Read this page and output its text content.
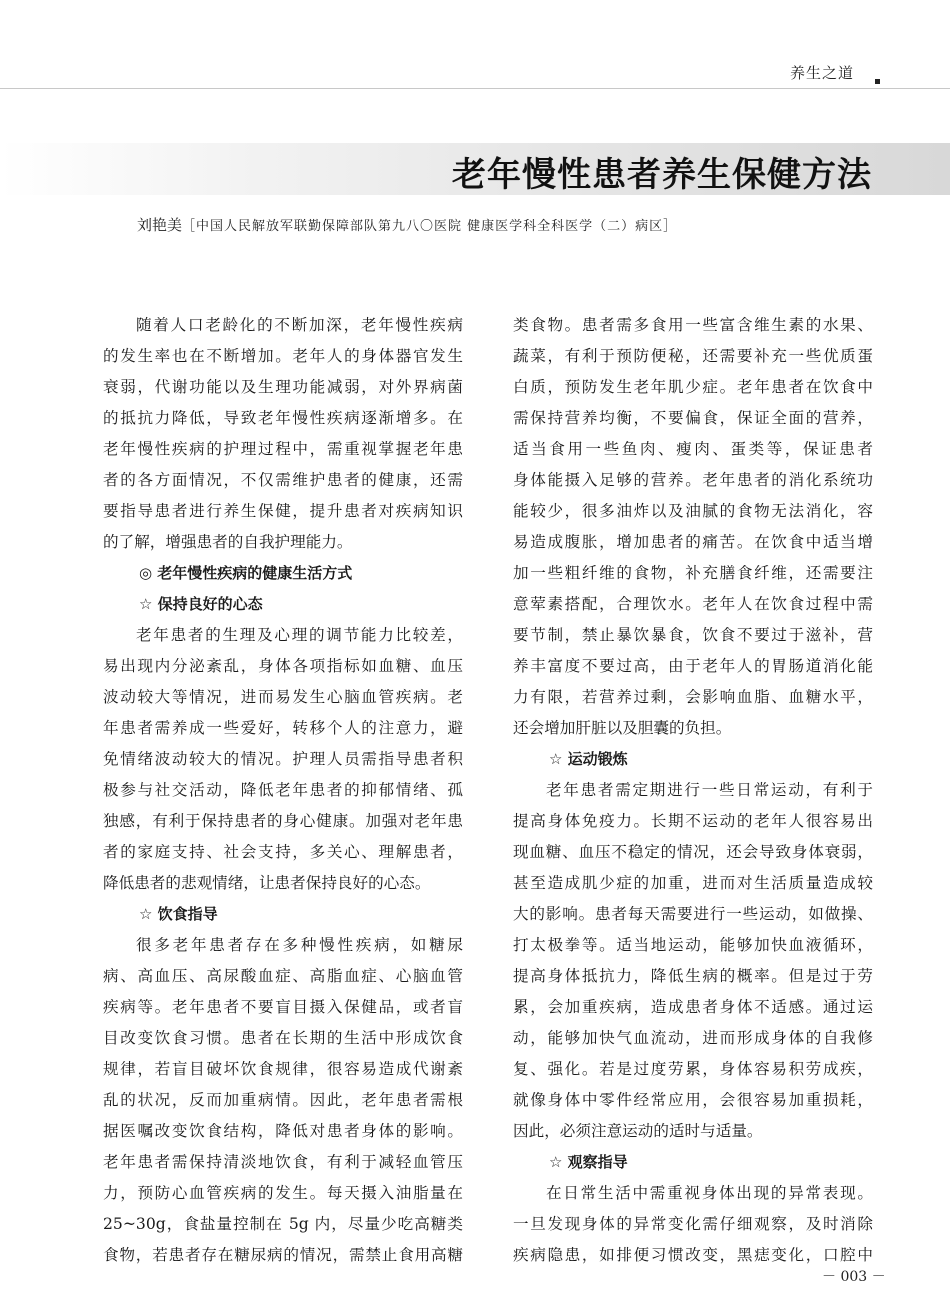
养生之道
老年慢性患者养生保健方法
刘艳美［中国人民解放军联勤保障部队第九八〇医院 健康医学科全科医学（二）病区］
随着人口老龄化的不断加深，老年慢性疾病
的发生率也在不断增加。老年人的身体器官发生
衰弱，代谢功能以及生理功能减弱，对外界病菌
的抵抗力降低，导致老年慢性疾病逐渐增多。在
老年慢性疾病的护理过程中，需重视掌握老年患
者的各方面情况，不仅需维护患者的健康，还需
要指导患者进行养生保健，提升患者对疾病知识
的了解，增强患者的自我护理能力。
◎ 老年慢性疾病的健康生活方式
☆ 保持良好的心态
老年患者的生理及心理的调节能力比较差，
易出现内分泌紊乱，身体各项指标如血糖、血压
波动较大等情况，进而易发生心脑血管疾病。老
年患者需养成一些爱好，转移个人的注意力，避
免情绪波动较大的情况。护理人员需指导患者积
极参与社交活动，降低老年患者的抑郁情绪、孤
独感，有利于保持患者的身心健康。加强对老年患
者的家庭支持、社会支持，多关心、理解患者，
降低患者的悲观情绪，让患者保持良好的心态。
☆ 饮食指导
很多老年患者存在多种慢性疾病，如糖尿
病、高血压、高尿酸血症、高脂血症、心脑血管
疾病等。老年患者不要盲目摄入保健品，或者盲
目改变饮食习惯。患者在长期的生活中形成饮食
规律，若盲目破坏饮食规律，很容易造成代谢紊
乱的状况，反而加重病情。因此，老年患者需根
据医嘱改变饮食结构，降低对患者身体的影响。
老年患者需保持清淡地饮食，有利于减轻血管压
力，预防心血管疾病的发生。每天摄入油脂量在
25~30g，食盐量控制在 5g 内，尽量少吃高糖类
食物，若患者存在糖尿病的情况，需禁止食用高糖
类食物。患者需多食用一些富含维生素的水果、
蔬菜，有利于预防便秘，还需要补充一些优质蛋
白质，预防发生老年肌少症。老年患者在饮食中
需保持营养均衡，不要偏食，保证全面的营养，
适当食用一些鱼肉、瘦肉、蛋类等，保证患者
身体能摄入足够的营养。老年患者的消化系统功
能较少，很多油炸以及油腻的食物无法消化，容
易造成腹胀，增加患者的痛苦。在饮食中适当增
加一些粗纤维的食物，补充膳食纤维，还需要注
意荤素搭配，合理饮水。老年人在饮食过程中需
要节制，禁止暴饮暴食，饮食不要过于滋补，营
养丰富度不要过高，由于老年人的胃肠道消化能
力有限，若营养过剩，会影响血脂、血糖水平，
还会增加肝脏以及胆囊的负担。
☆ 运动锻炼
老年患者需定期进行一些日常运动，有利于
提高身体免疫力。长期不运动的老年人很容易出
现血糖、血压不稳定的情况，还会导致身体衰弱，
甚至造成肌少症的加重，进而对生活质量造成较
大的影响。患者每天需要进行一些运动，如做操、
打太极拳等。适当地运动，能够加快血液循环，
提高身体抵抗力，降低生病的概率。但是过于劳
累，会加重疾病，造成患者身体不适感。通过运
动，能够加快气血流动，进而形成身体的自我修
复、强化。若是过度劳累，身体容易积劳成疾，
就像身体中零件经常应用，会很容易加重损耗，
因此，必须注意运动的适时与适量。
☆ 观察指导
在日常生活中需重视身体出现的异常表现。
一旦发现身体的异常变化需仔细观察，及时消除
疾病隐患，如排便习惯改变，黑痣变化，口腔中
－ 003 －
